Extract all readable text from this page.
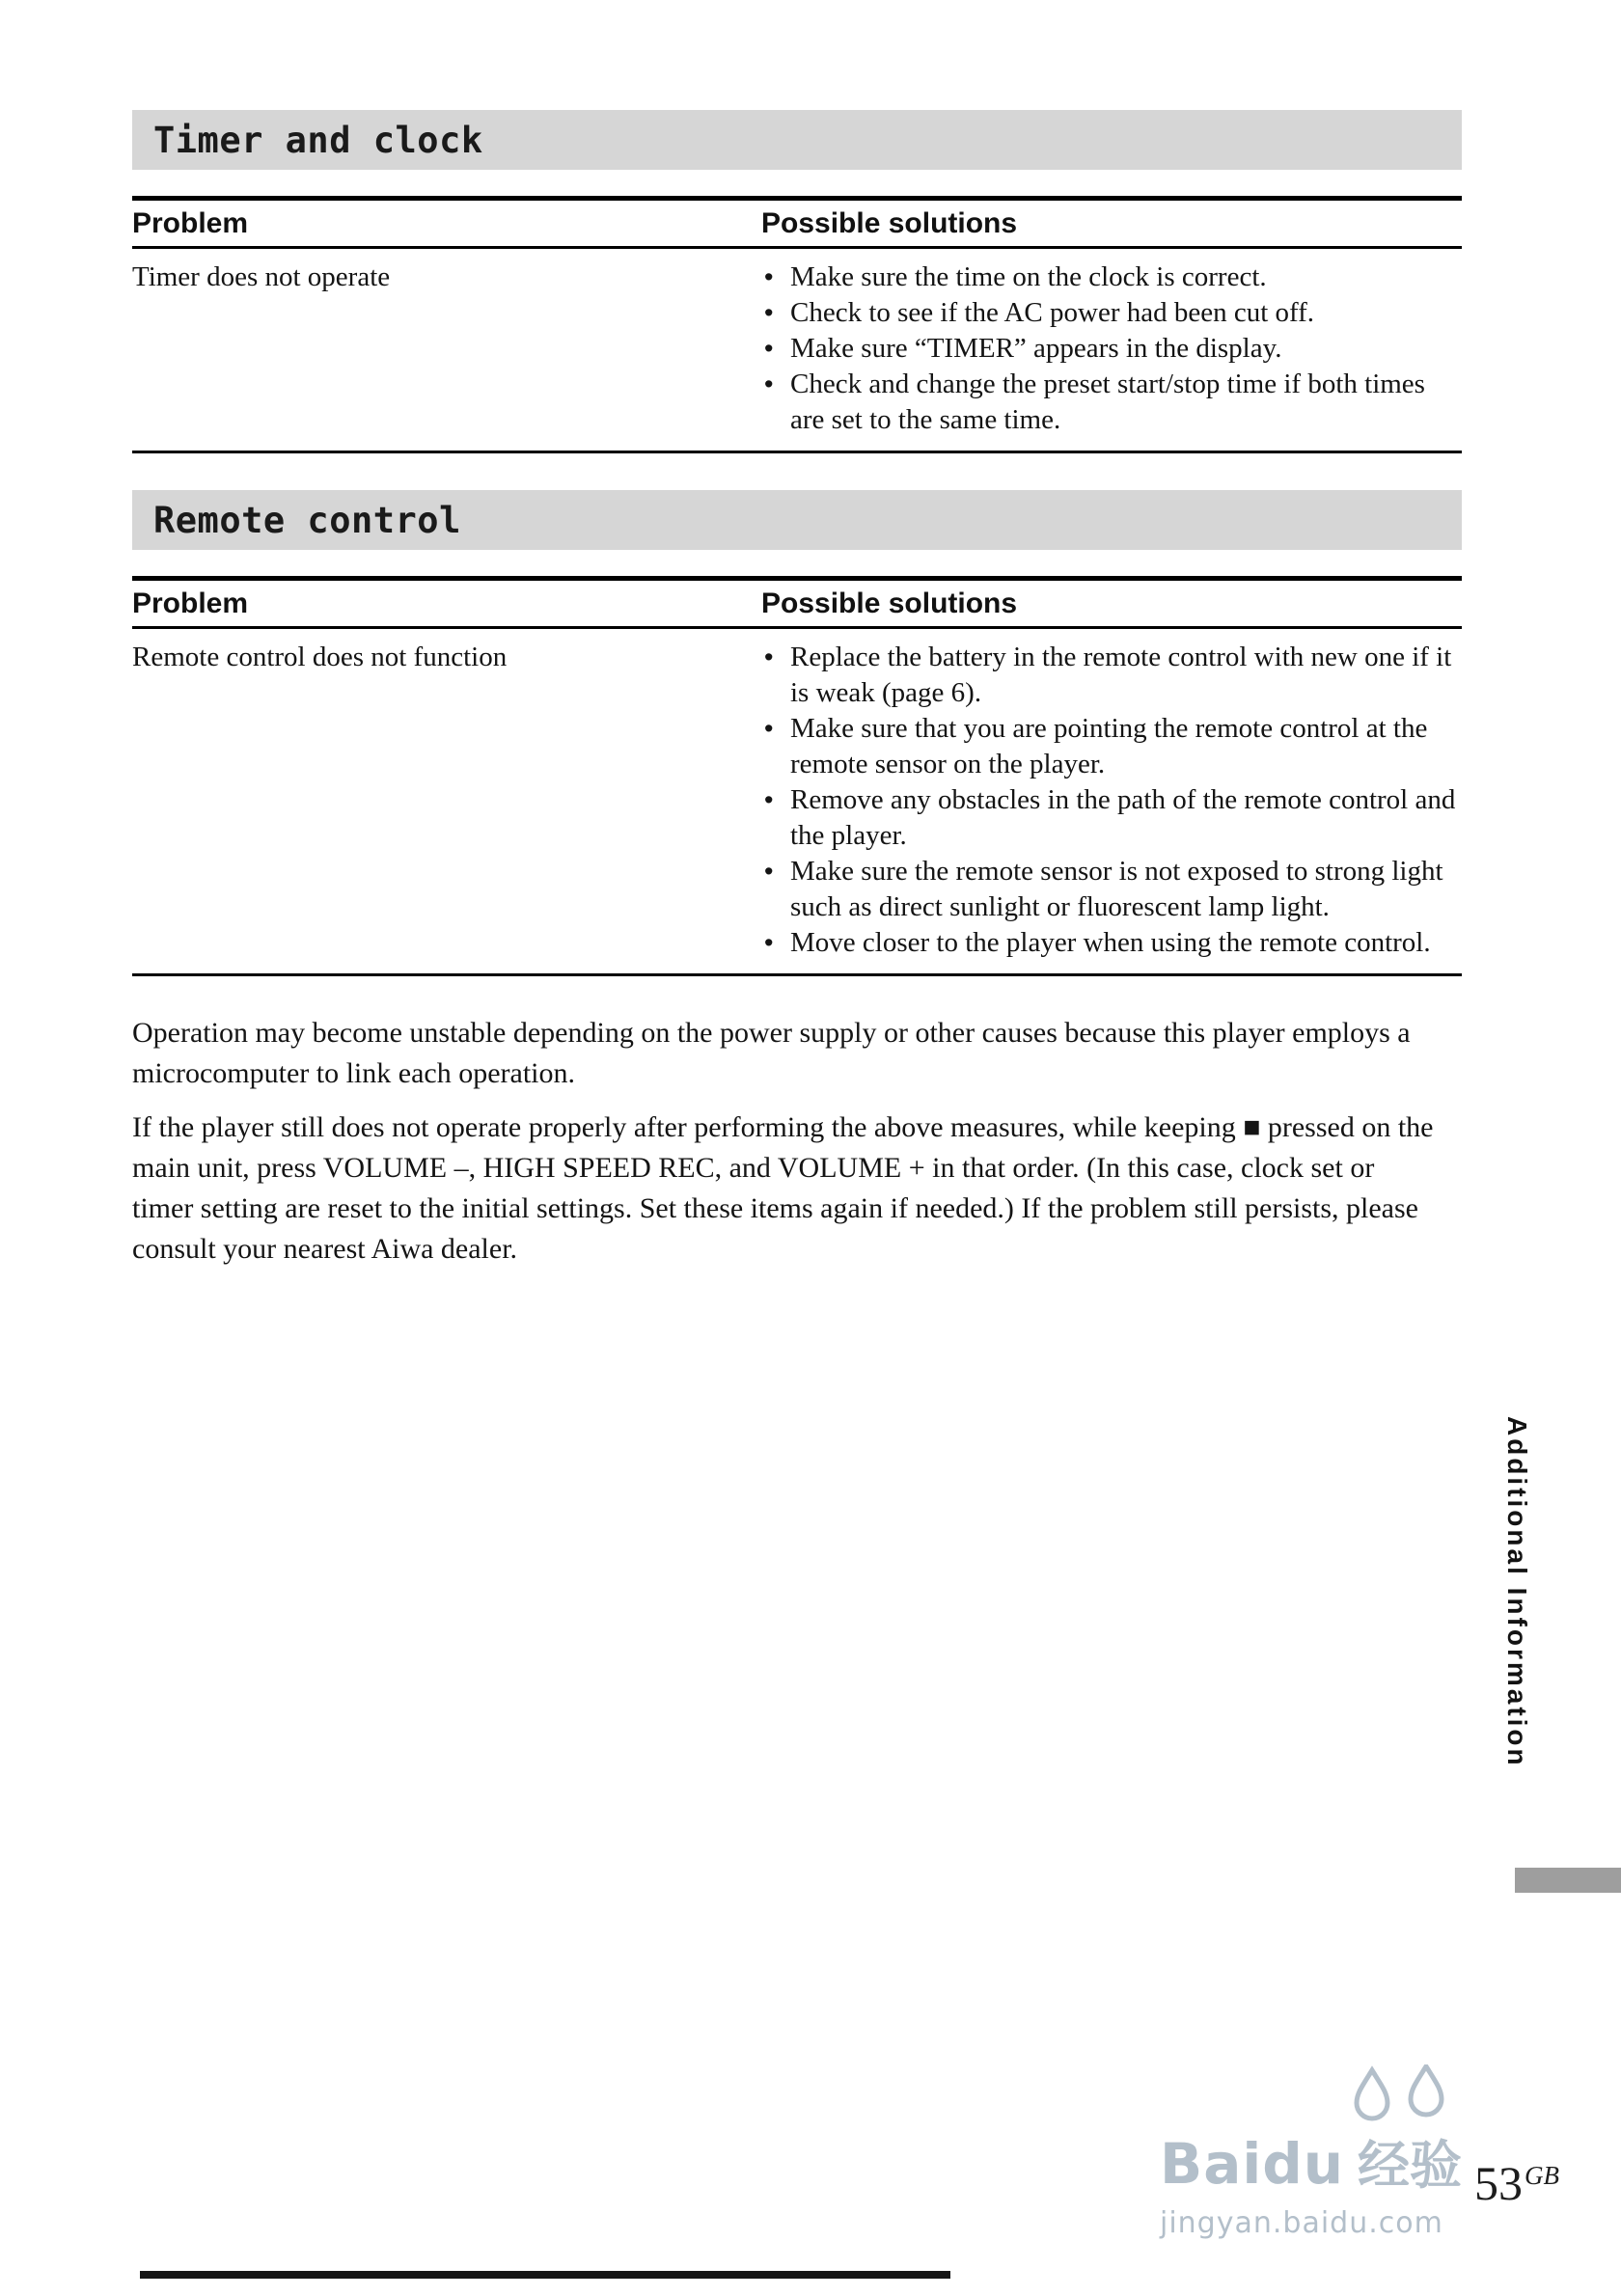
Timer and clock
Problem	Possible solutions
Timer does not operate	• Make sure the time on the clock is correct.
• Check to see if the AC power had been cut off.
• Make sure “TIMER” appears in the display.
• Check and change the preset start/stop time if both times are set to the same time.
Remote control
Problem	Possible solutions
Remote control does not function	• Replace the battery in the remote control with new one if it is weak (page 6).
• Make sure that you are pointing the remote control at the remote sensor on the player.
• Remove any obstacles in the path of the remote control and the player.
• Make sure the remote sensor is not exposed to strong light such as direct sunlight or fluorescent lamp light.
• Move closer to the player when using the remote control.

Operation may become unstable depending on the power supply or other causes because this player employs a microcomputer to link each operation.

If the player still does not operate properly after performing the above measures, while keeping ■ pressed on the main unit, press VOLUME –, HIGH SPEED REC, and VOLUME + in that order. (In this case, clock set or timer setting are reset to the initial settings. Set these items again if needed.) If the problem still persists, please consult your nearest Aiwa dealer.

Additional Information
Baidu 经验
jingyan.baidu.com
53GB
